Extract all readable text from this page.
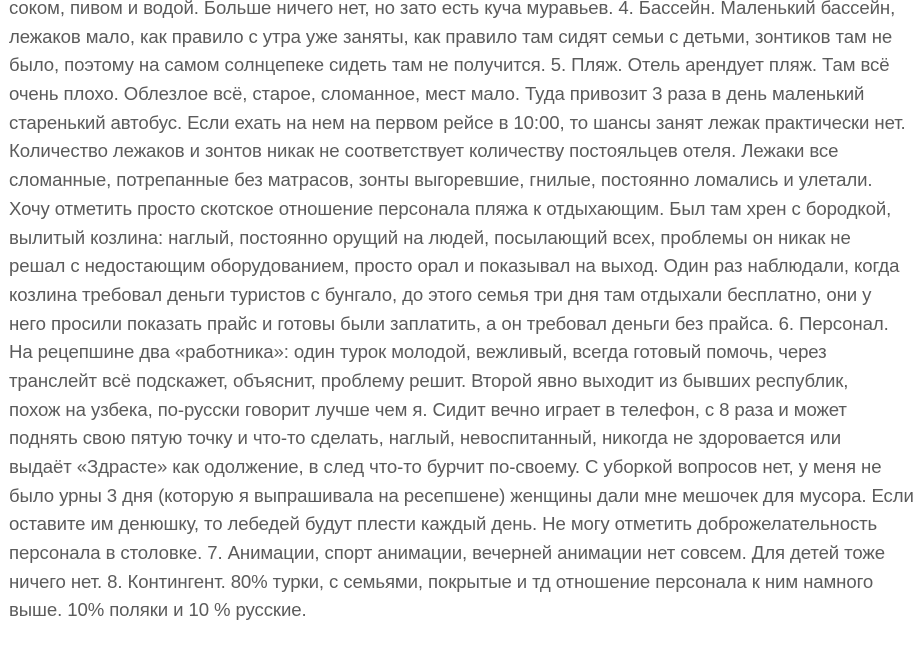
соком, пивом и водой. Больше ничего нет, но зато есть куча муравьев. 4. Бассейн. Маленький бассейн,
лежаков мало, как правило с утра уже заняты, как правило там сидят семьи с детьми, зонтиков там не
было, поэтому на самом солнцепеке сидеть там не получится. 5. Пляж. Отель арендует пляж. Там всё
очень плохо. Облезлое всё, старое, сломанное, мест мало. Туда привозит 3 раза в день маленький
старенький автобус. Если ехать на нем на первом рейсе в 10:00, то шансы занят лежак практически нет.
Количество лежаков и зонтов никак не соответствует количеству постояльцев отеля. Лежаки все
сломанные, потрепанные без матрасов, зонты выгоревшие, гнилые, постоянно ломались и улетали.
Хочу отметить просто скотское отношение персонала пляжа к отдыхающим. Был там хрен с бородкой,
вылитый козлина: наглый, постоянно орущий на людей, посылающий всех, проблемы он никак не
решал с недостающим оборудованием, просто орал и показывал на выход. Один раз наблюдали, когда
козлина требовал деньги туристов с бунгало, до этого семья три дня там отдыхали бесплатно, они у
него просили показать прайс и готовы были заплатить, а он требовал деньги без прайса. 6. Персонал.
На рецепшине два «работника»: один турок молодой, вежливый, всегда готовый помочь, через
транслейт всё подскажет, объяснит, проблему решит. Второй явно выходит из бывших республик,
похож на узбека, по-русски говорит лучше чем я. Сидит вечно играет в телефон, с 8 раза и может
поднять свою пятую точку и что-то сделать, наглый, невоспитанный, никогда не здоровается или
выдаёт «Здрасте» как одолжение, в след что-то бурчит по-своему. С уборкой вопросов нет, у меня не
было урны 3 дня (которую я выпрашивала на ресепшене) женщины дали мне мешочек для мусора. Если
оставите им денюшку, то лебедей будут плести каждый день. Не могу отметить доброжелательность
персонала в столовке. 7. Анимации, спорт анимации, вечерней анимации нет совсем. Для детей тоже
ничего нет. 8. Контингент. 80% турки, с семьями, покрытые и тд отношение персонала к ним намного
выше. 10% поляки и 10 % русские.
